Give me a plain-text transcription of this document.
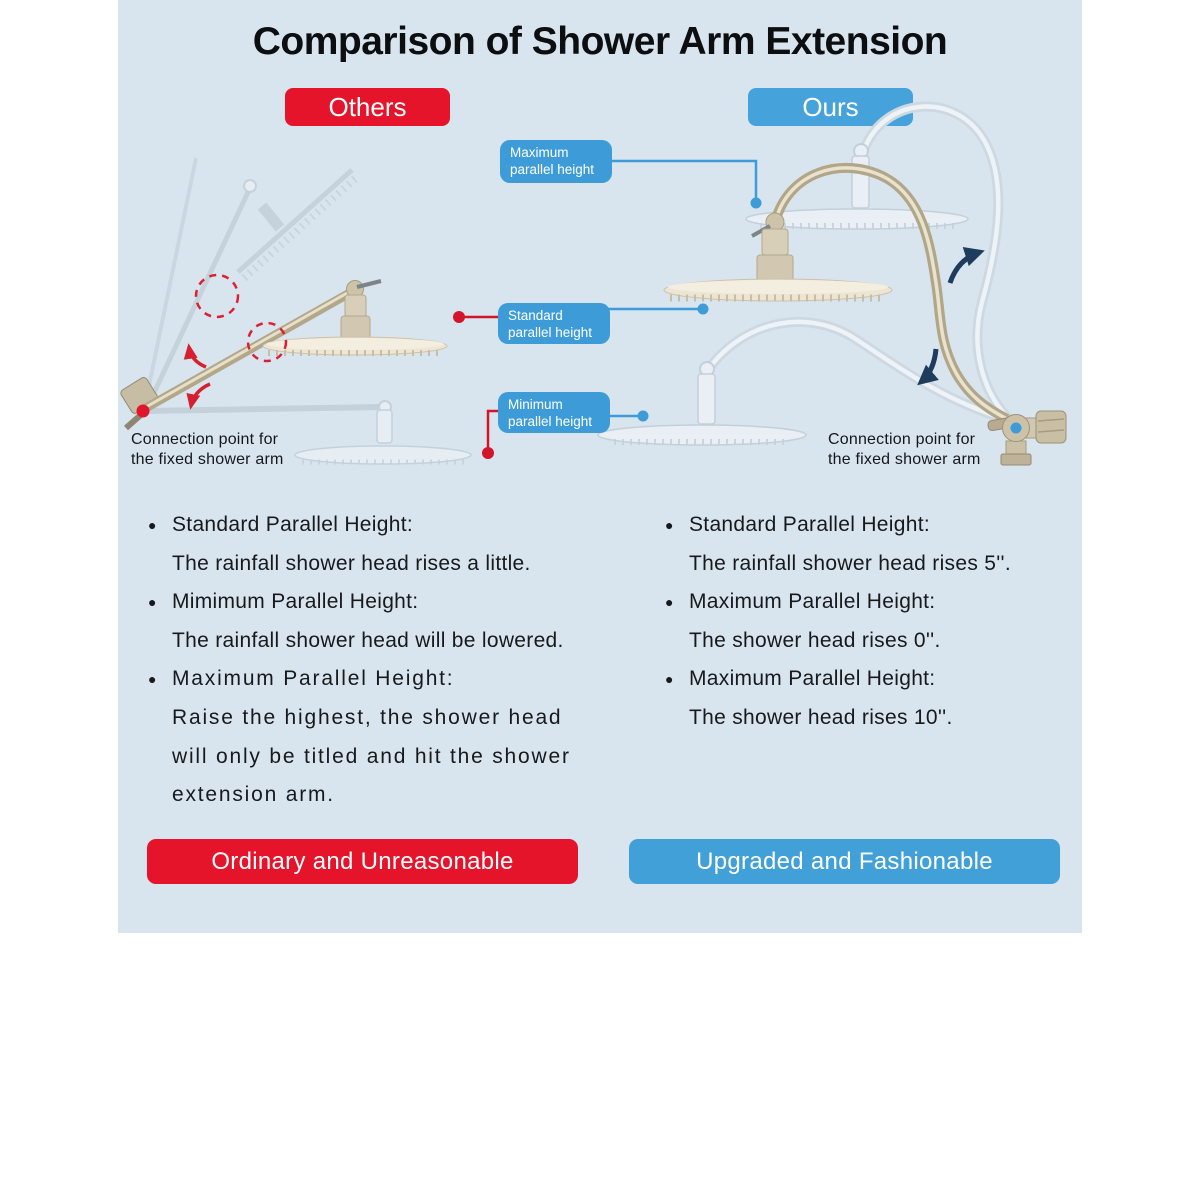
Comparison of Shower Arm Extension
Others	Ours
Maximum
parallel height
Standard
parallel height
Minimum
parallel height
Connection point for
the fixed shower arm
Connection point for
the fixed shower arm
● Standard Parallel Height:
The rainfall shower head rises a little.
● Mimimum Parallel Height:
The rainfall shower head will be lowered.
● Maximum Parallel Height:
Raise the highest, the shower head
will only be titled and hit the shower
extension arm.
● Standard Parallel Height:
The rainfall shower head rises 5''.
● Maximum Parallel Height:
The shower head rises 0''.
● Maximum Parallel Height:
The shower head rises 10''.
Ordinary and Unreasonable	Upgraded and Fashionable
